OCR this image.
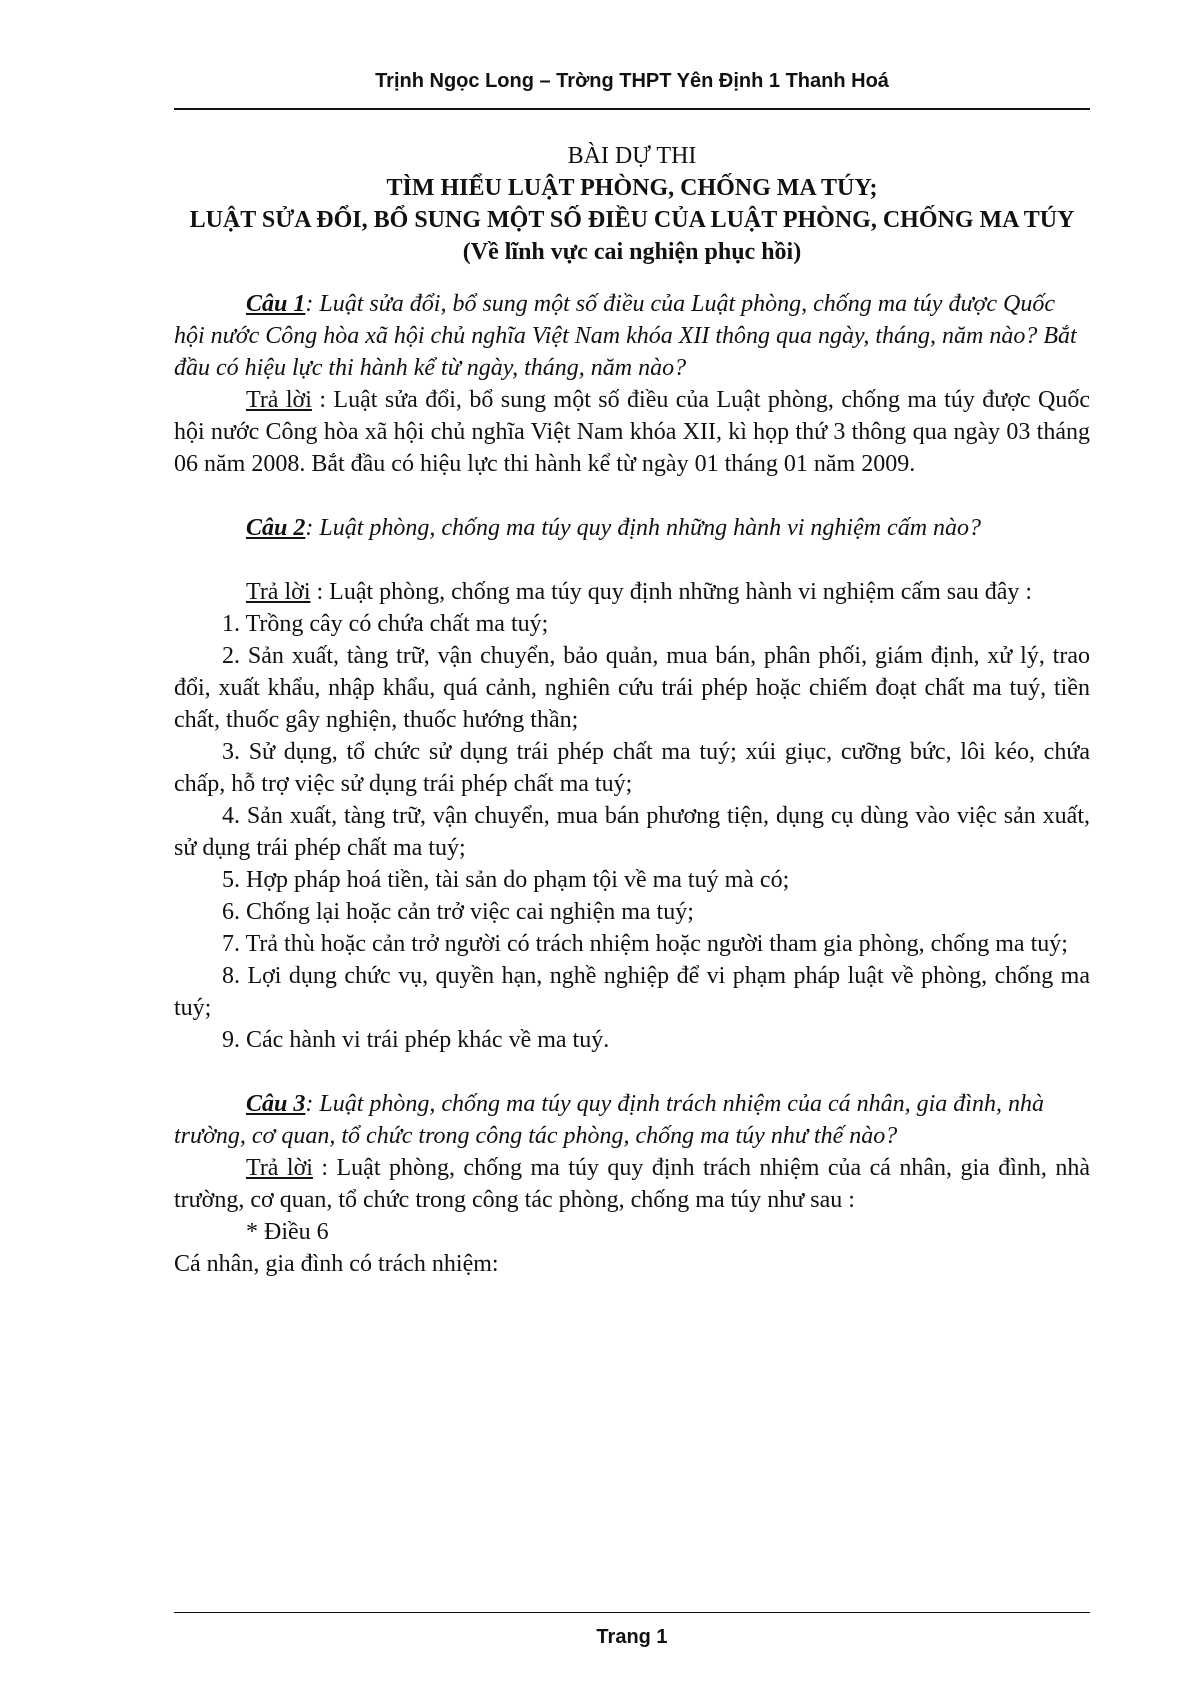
Trịnh Ngọc Long – Trờng THPT Yên Định 1 Thanh Hoá
BÀI DỰ THI
TÌM HIỂU LUẬT PHÒNG, CHỐNG MA TÚY;
LUẬT SỬA ĐỔI, BỔ SUNG MỘT SỐ ĐIỀU CỦA LUẬT PHÒNG, CHỐNG MA TÚY
(Về lĩnh vực cai nghiện phục hồi)

Câu 1: Luật sửa đổi, bổ sung một số điều của Luật phòng, chống ma túy được Quốc hội nước Công hòa xã hội chủ nghĩa Việt Nam khóa XII thông qua ngày, tháng, năm nào? Bắt đầu có hiệu lực thi hành kể từ ngày, tháng, năm nào?

Trả lời : Luật sửa đổi, bổ sung một số điều của Luật phòng, chống ma túy được Quốc hội nước Công hòa xã hội chủ nghĩa Việt Nam khóa XII, kì họp thứ 3 thông qua ngày 03 tháng 06 năm 2008. Bắt đầu có hiệu lực thi hành kể từ ngày 01 tháng 01 năm 2009.

Câu 2: Luật phòng, chống ma túy quy định những hành vi nghiệm cấm nào?

Trả lời : Luật phòng, chống ma túy quy định những hành vi nghiệm cấm sau đây :

1. Trồng cây có chứa chất ma tuý;

2. Sản xuất, tàng trữ, vận chuyển, bảo quản, mua bán, phân phối, giám định, xử lý, trao đổi, xuất khẩu, nhập khẩu, quá cảnh, nghiên cứu trái phép hoặc chiếm đoạt chất ma tuý, tiền chất, thuốc gây nghiện, thuốc hướng thần;

3. Sử dụng, tổ chức sử dụng trái phép chất ma tuý; xúi giục, cưỡng bức, lôi kéo, chứa chấp, hỗ trợ việc sử dụng trái phép chất ma tuý;

4. Sản xuất, tàng trữ, vận chuyển, mua bán phương tiện, dụng cụ dùng vào việc sản xuất, sử dụng trái phép chất ma tuý;

5. Hợp pháp hoá tiền, tài sản do phạm tội về ma tuý mà có;

6. Chống lại hoặc cản trở việc cai nghiện ma tuý;

7. Trả thù hoặc cản trở người có trách nhiệm hoặc người tham gia phòng, chống ma tuý;

8. Lợi dụng chức vụ, quyền hạn, nghề nghiệp để vi phạm pháp luật về phòng, chống ma tuý;

9. Các hành vi trái phép khác về ma tuý.

Câu 3: Luật phòng, chống ma túy quy định trách nhiệm của cá nhân, gia đình, nhà trường, cơ quan, tổ chức trong công tác phòng, chống ma túy như thế nào?

Trả lời : Luật phòng, chống ma túy quy định trách nhiệm của cá nhân, gia đình, nhà trường, cơ quan, tổ chức trong công tác phòng, chống ma túy như sau :

* Điều 6

Cá nhân, gia đình có trách nhiệm:

Trang 1
